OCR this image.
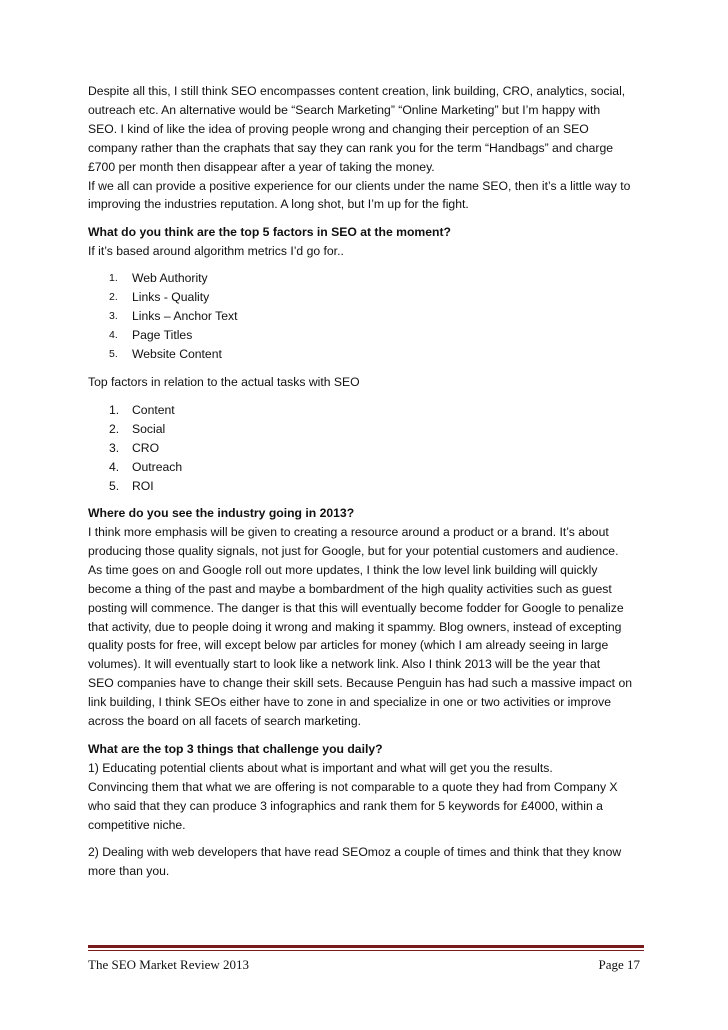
Despite all this, I still think SEO encompasses content creation, link building, CRO, analytics, social,

outreach etc. An alternative would be “Search Marketing” “Online Marketing” but I’m happy with

SEO. I kind of like the idea of proving people wrong and changing their perception of an SEO

company rather than the craphats that say they can rank you for the term “Handbags” and charge

£700 per month then disappear after a year of taking the money.

If we all can provide a positive experience for our clients under the name SEO, then it’s a little way to

improving the industries reputation. A long shot, but I’m up for the fight.

What do you think are the top 5 factors in SEO at the moment?

If it’s based around algorithm metrics I’d go for..

1. Web Authority
2. Links - Quality
3. Links – Anchor Text
4. Page Titles
5. Website Content

Top factors in relation to the actual tasks with SEO

1. Content
2. Social
3. CRO
4. Outreach
5. ROI

Where do you see the industry going in 2013?

I think more emphasis will be given to creating a resource around a product or a brand. It’s about

producing those quality signals, not just for Google, but for your potential customers and audience.

As time goes on and Google roll out more updates, I think the low level link building will quickly

become a thing of the past and maybe a bombardment of the high quality activities such as guest

posting will commence. The danger is that this will eventually become fodder for Google to penalize

that activity, due to people doing it wrong and making it spammy. Blog owners, instead of excepting

quality posts for free, will except below par articles for money (which I am already seeing in large

volumes). It will eventually start to look like a network link. Also I think 2013 will be the year that

SEO companies have to change their skill sets. Because Penguin has had such a massive impact on

link building, I think SEOs either have to zone in and specialize in one or two activities or improve

across the board on all facets of search marketing.

What are the top 3 things that challenge you daily?

1) Educating potential clients about what is important and what will get you the results.

Convincing them that what we are offering is not comparable to a quote they had from Company X

who said that they can produce 3 infographics and rank them for 5 keywords for £4000, within a

competitive niche.

2) Dealing with web developers that have read SEOmoz a couple of times and think that they know

more than you.

The SEO Market Review 2013	Page 17
